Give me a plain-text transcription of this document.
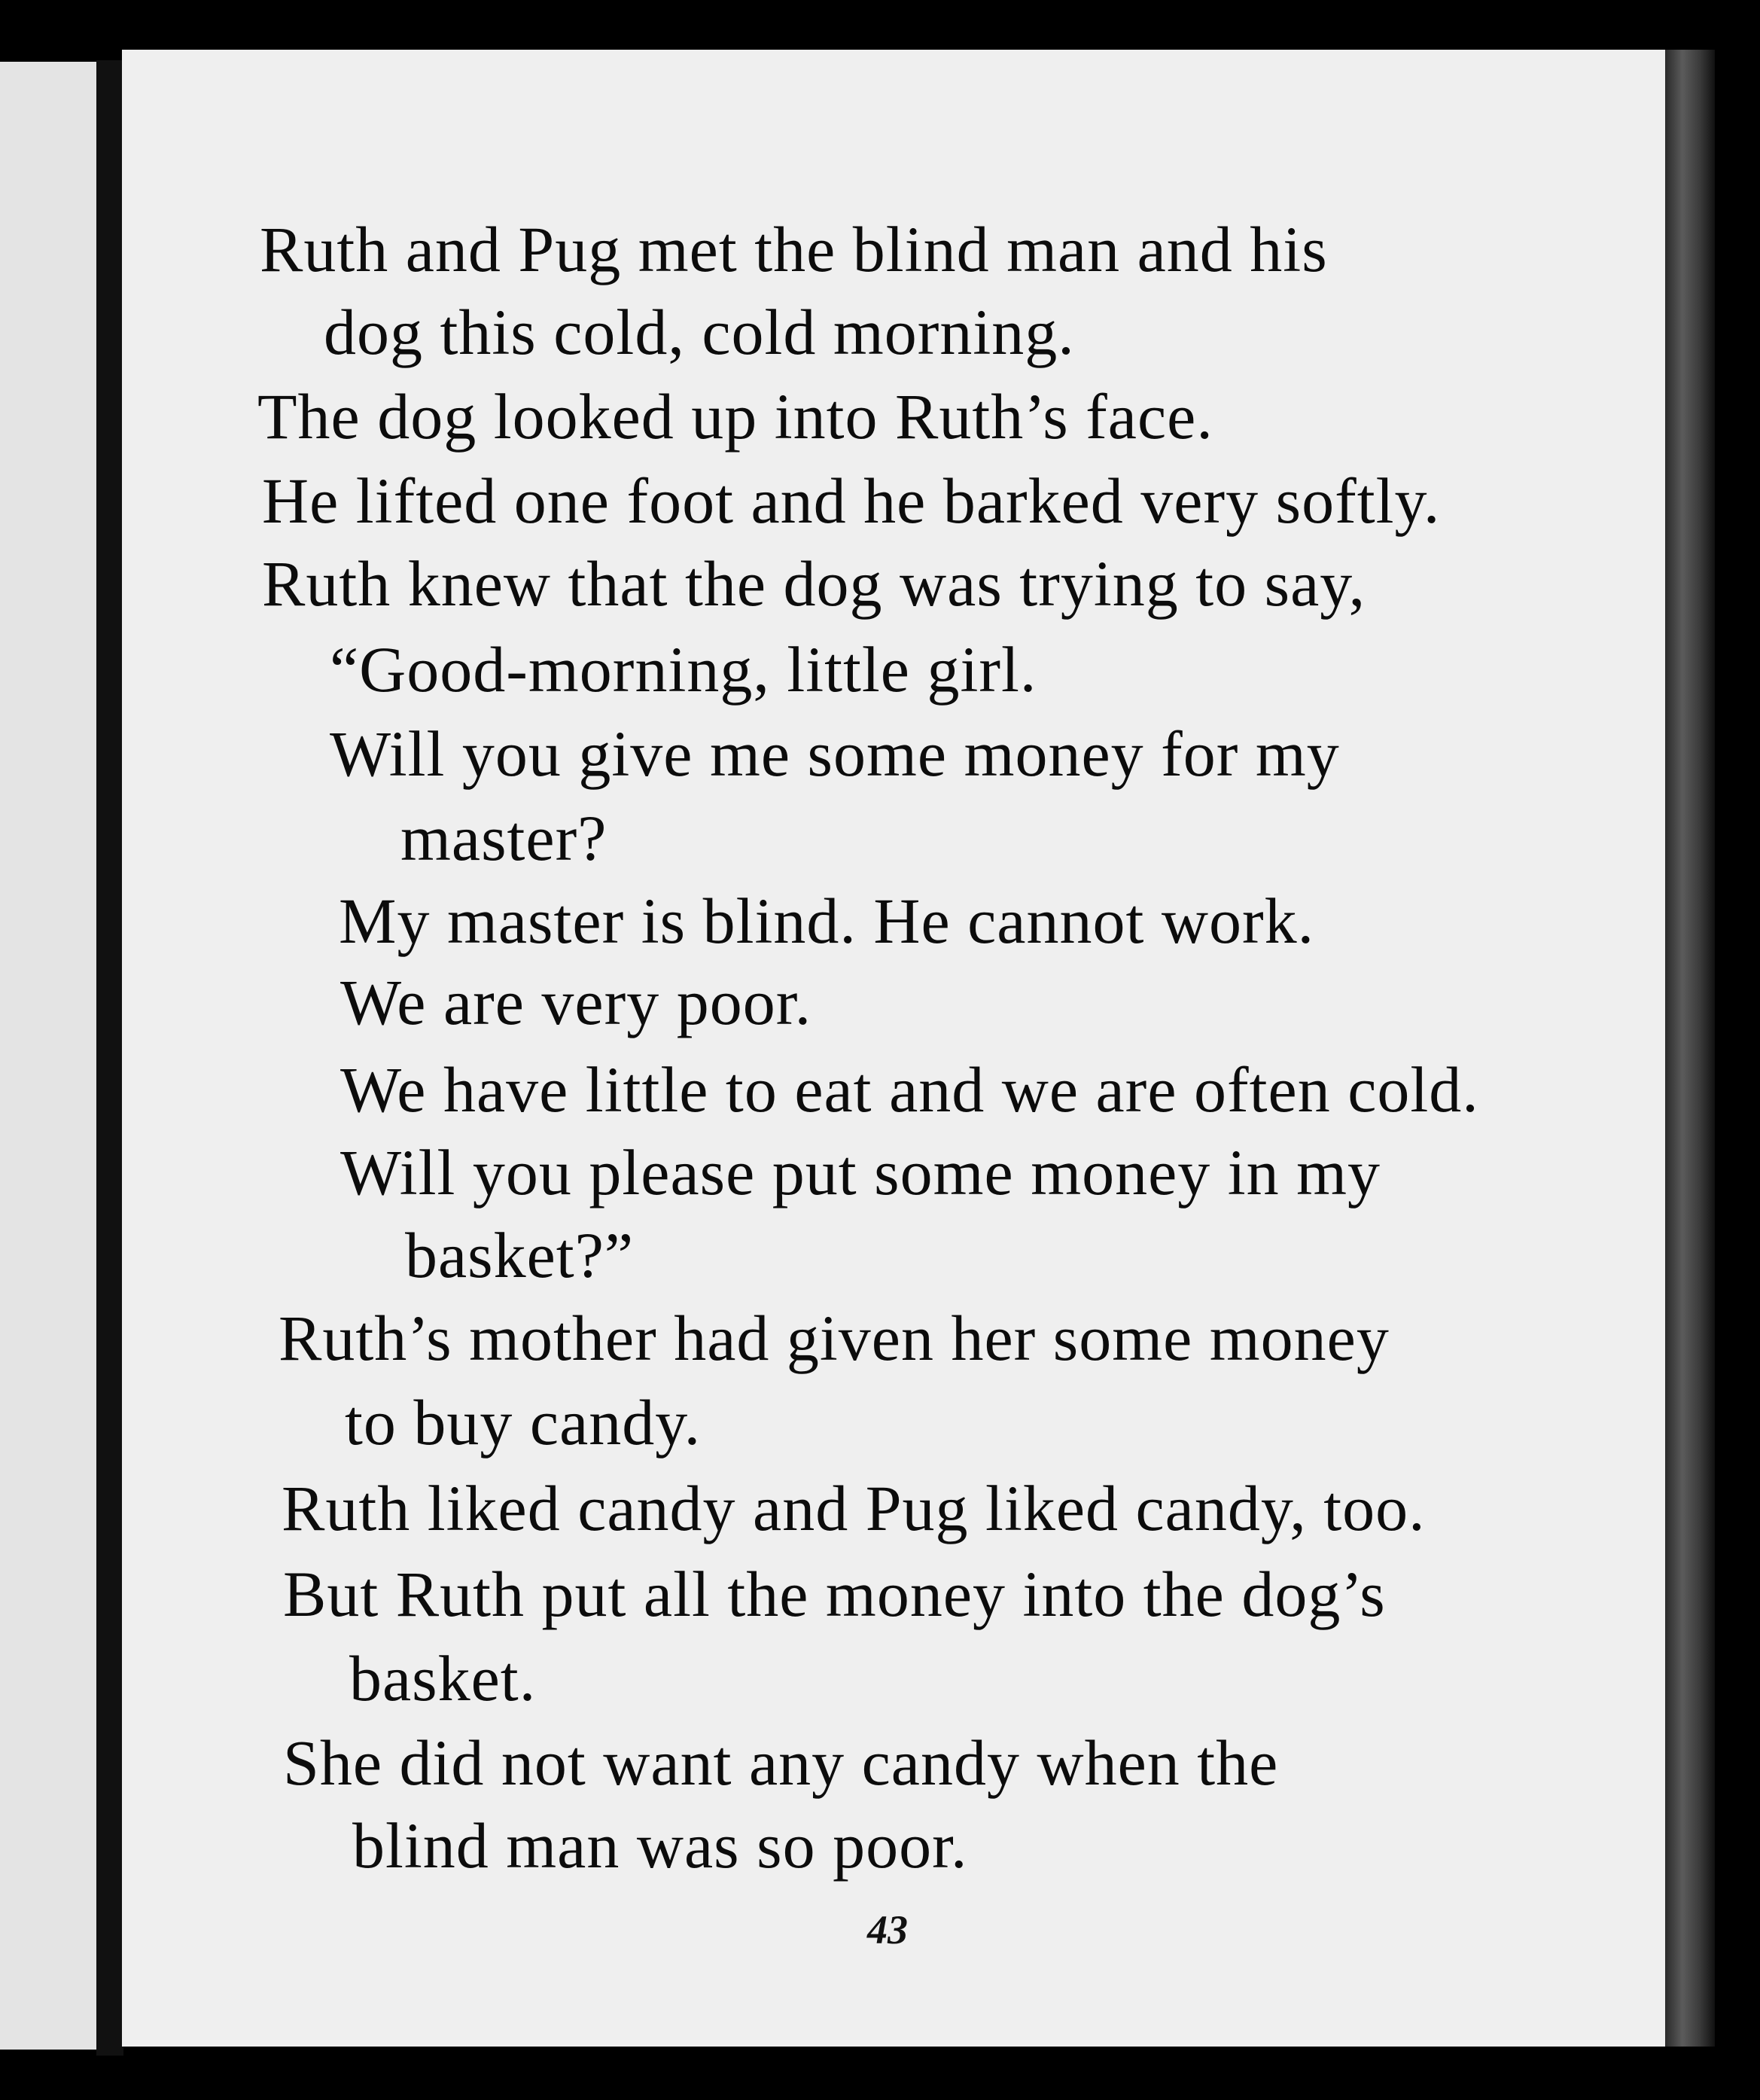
Ruth and Pug met the blind man and his
dog this cold, cold morning.
The dog looked up into Ruth’s face.
He lifted one foot and he barked very softly.
Ruth knew that the dog was trying to say,
“Good-morning, little girl.
Will you give me some money for my
master?
My master is blind. He cannot work.
We are very poor.
We have little to eat and we are often cold.
Will you please put some money in my
basket?”
Ruth’s mother had given her some money
to buy candy.
Ruth liked candy and Pug liked candy, too.
But Ruth put all the money into the dog’s
basket.
She did not want any candy when the
blind man was so poor.
43
